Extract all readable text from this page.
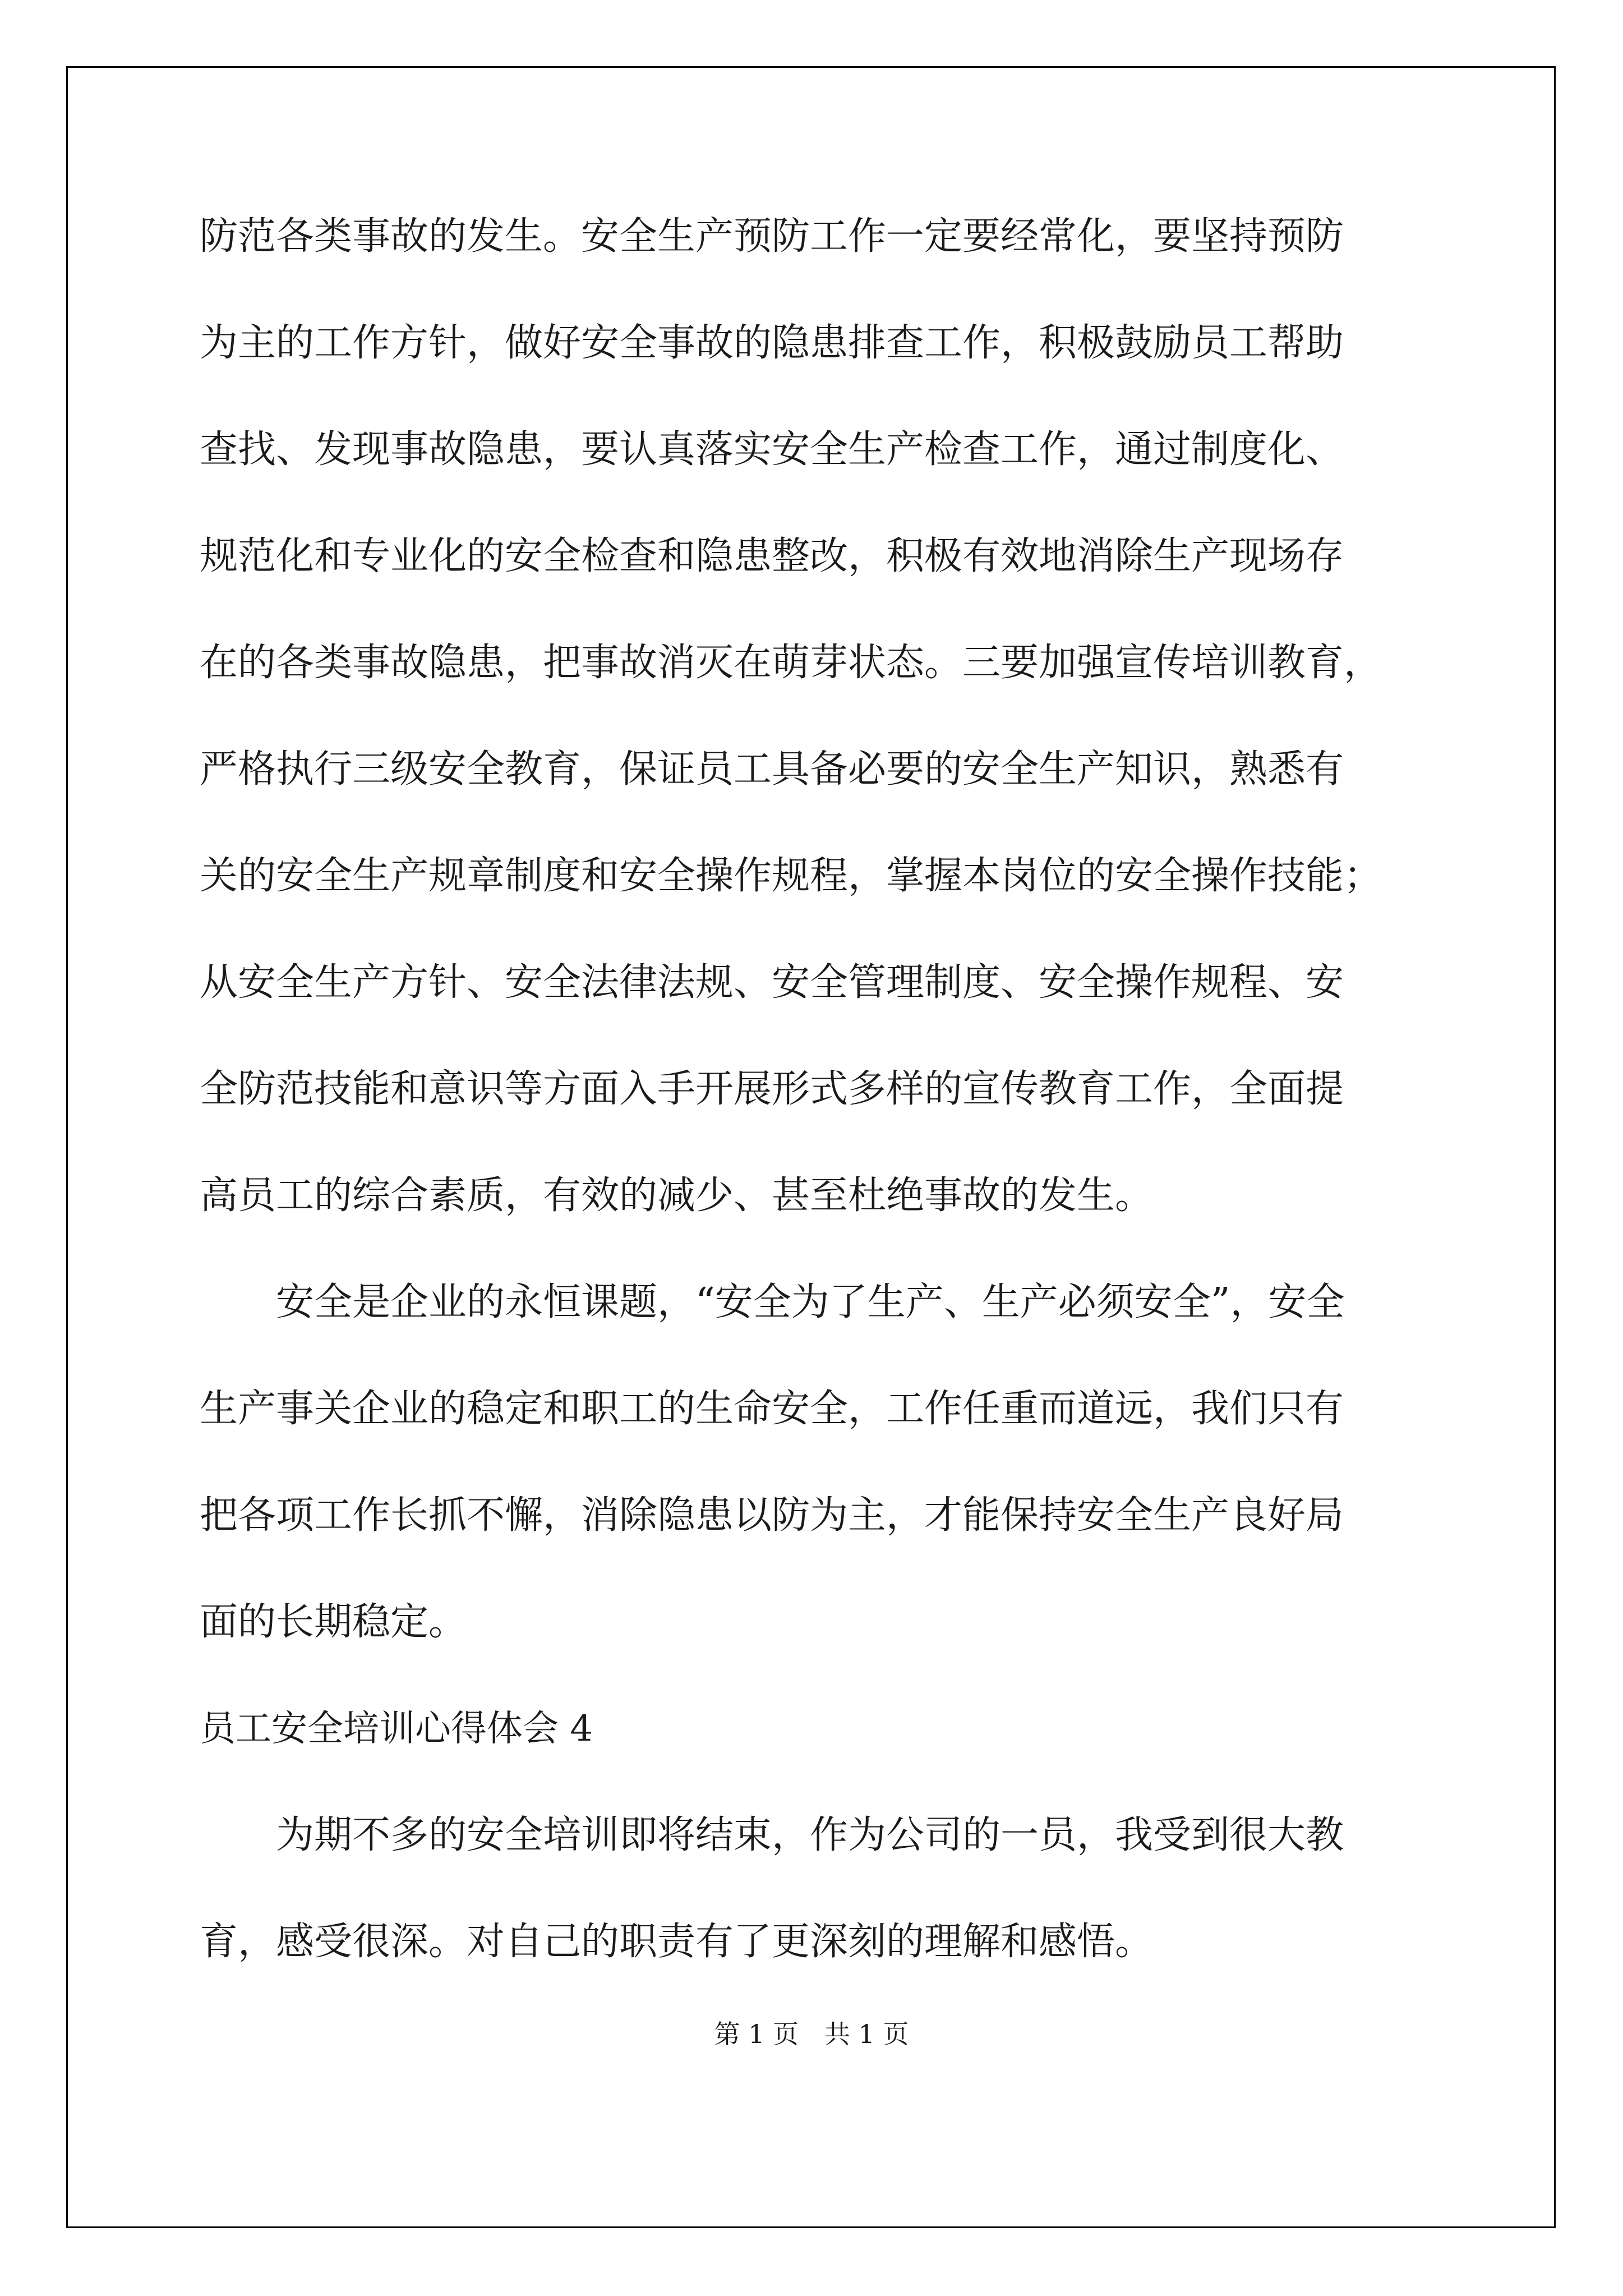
防范各类事故的发生。安全生产预防工作一定要经常化，要坚持预防
为主的工作方针，做好安全事故的隐患排查工作，积极鼓励员工帮助
查找、发现事故隐患，要认真落实安全生产检查工作，通过制度化、
规范化和专业化的安全检查和隐患整改，积极有效地消除生产现场存
在的各类事故隐患，把事故消灭在萌芽状态。三要加强宣传培训教育，
严格执行三级安全教育，保证员工具备必要的安全生产知识，熟悉有
关的安全生产规章制度和安全操作规程，掌握本岗位的安全操作技能；
从安全生产方针、安全法律法规、安全管理制度、安全操作规程、安
全防范技能和意识等方面入手开展形式多样的宣传教育工作，全面提
高员工的综合素质，有效的减少、甚至杜绝事故的发生。
安全是企业的永恒课题，“安全为了生产、生产必须安全”，安全
生产事关企业的稳定和职工的生命安全，工作任重而道远，我们只有
把各项工作长抓不懈，消除隐患以防为主，才能保持安全生产良好局
面的长期稳定。
员工安全培训心得体会 4
为期不多的安全培训即将结束，作为公司的一员，我受到很大教
育，感受很深。对自己的职责有了更深刻的理解和感悟。
第 1 页　共 1 页
